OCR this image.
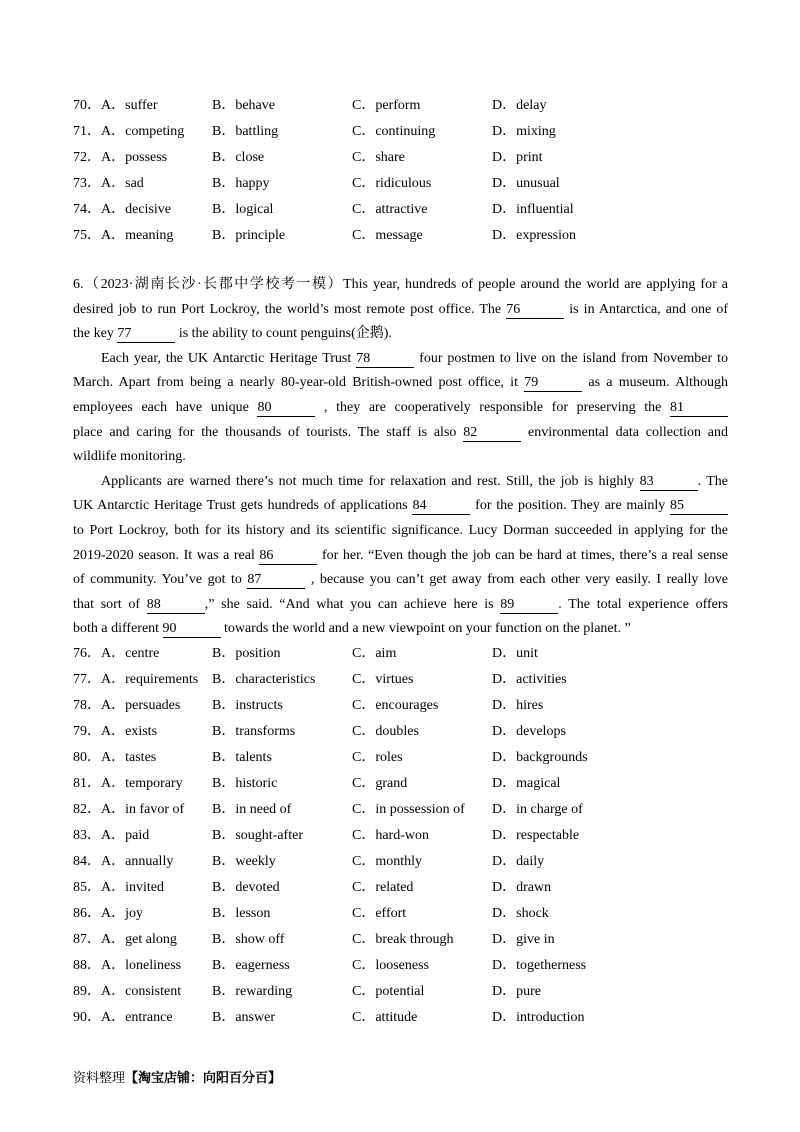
70．A．suffer	B．behave	C．perform	D．delay
71．A．competing	B．battling	C．continuing	D．mixing
72．A．possess	B．close	C．share	D．print
73．A．sad	B．happy	C．ridiculous	D．unusual
74．A．decisive	B．logical	C．attractive	D．influential
75．A．meaning	B．principle	C．message	D．expression
6.（2023·湖南长沙·长郡中学校考一模）This year, hundreds of people around the world are applying for a
desired job to run Port Lockroy, the world’s most remote post office. The 76	is in Antarctica, and one of
the key 77	is the ability to count penguins(企鹅).
Each year, the UK Antarctic Heritage Trust 78	four postmen to live on the island from November to
March. Apart from being a nearly 80-year-old British-owned post office, it 79	as a museum. Although
employees each have unique 80	, they are cooperatively responsible for preserving the 81
place and caring for the thousands of tourists. The staff is also 82	environmental data collection and
wildlife monitoring.
Applicants are warned there’s not much time for relaxation and rest. Still, the job is highly 83	. The
UK Antarctic Heritage Trust gets hundreds of applications 84	for the position. They are mainly 85
to Port Lockroy, both for its history and its scientific significance. Lucy Dorman succeeded in applying for the
2019-2020 season. It was a real 86	for her. “Even though the job can be hard at times, there’s a real sense
of community. You’ve got to 87	, because you can’t get away from each other very easily. I really love
that sort of 88	,” she said. “And what you can achieve here is 89	. The total experience offers
both a different 90	towards the world and a new viewpoint on your function on the planet. ”
76．A．centre	B．position	C．aim	D．unit
77．A．requirements B．characteristics	C．virtues	D．activities
78．A．persuades	B．instructs	C．encourages	D．hires
79．A．exists	B．transforms	C．doubles	D．develops
80．A．tastes	B．talents	C．roles	D．backgrounds
81．A．temporary	B．historic	C．grand	D．magical
82．A．in favor of	B．in need of	C．in possession of	D．in charge of
83．A．paid	B．sought-after	C．hard-won	D．respectable
84．A．annually	B．weekly	C．monthly	D．daily
85．A．invited	B．devoted	C．related	D．drawn
86．A．joy	B．lesson	C．effort	D．shock
87．A．get along	B．show off	C．break through	D．give in
88．A．loneliness	B．eagerness	C．looseness	D．togetherness
89．A．consistent	B．rewarding	C．potential	D．pure
90．A．entrance	B．answer	C．attitude	D．introduction
资料整理【淘宝店铺：向阳百分百】
